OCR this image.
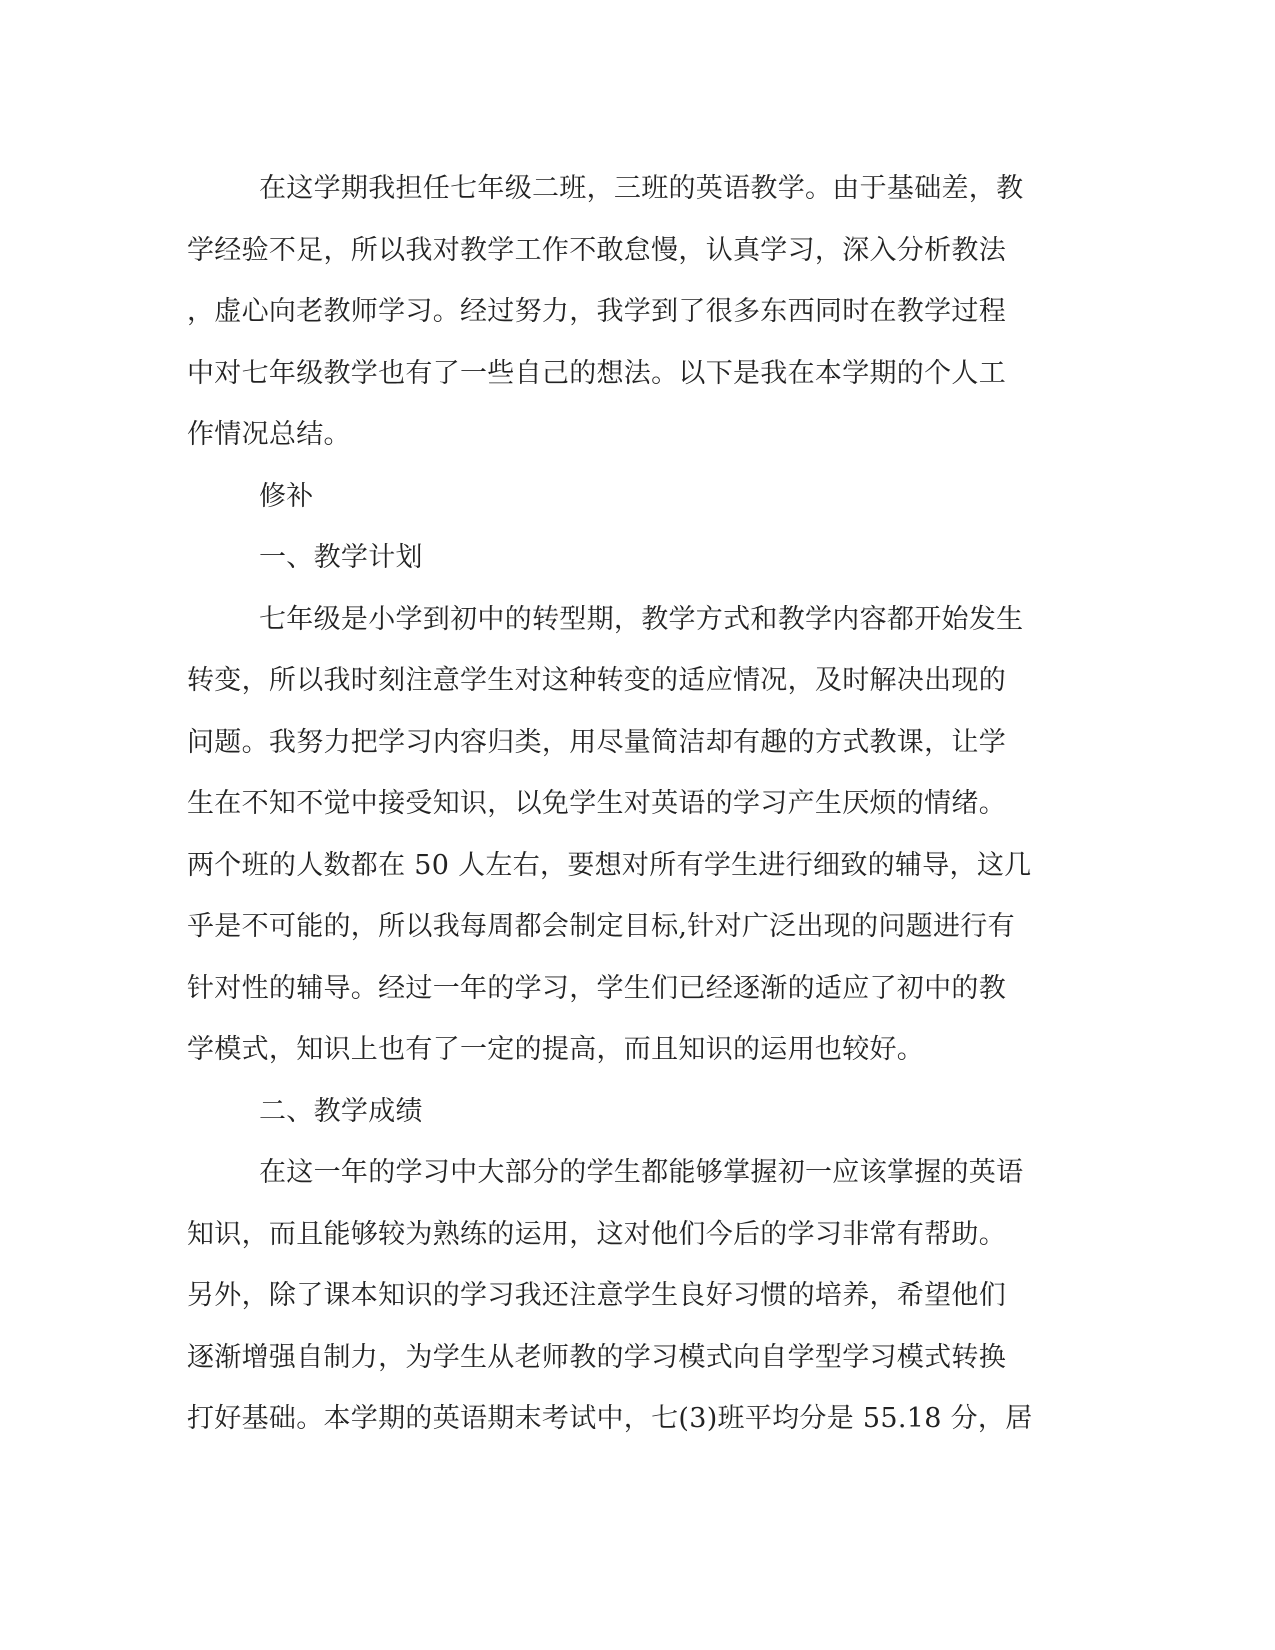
在这学期我担任七年级二班，三班的英语教学。由于基础差，教
学经验不足，所以我对教学工作不敢怠慢，认真学习，深入分析教法
，虚心向老教师学习。经过努力，我学到了很多东西同时在教学过程
中对七年级教学也有了一些自己的想法。以下是我在本学期的个人工
作情况总结。
修补
一、教学计划
七年级是小学到初中的转型期，教学方式和教学内容都开始发生
转变，所以我时刻注意学生对这种转变的适应情况，及时解决出现的
问题。我努力把学习内容归类，用尽量简洁却有趣的方式教课，让学
生在不知不觉中接受知识，以免学生对英语的学习产生厌烦的情绪。
两个班的人数都在 50 人左右，要想对所有学生进行细致的辅导，这几
乎是不可能的，所以我每周都会制定目标,针对广泛出现的问题进行有
针对性的辅导。经过一年的学习，学生们已经逐渐的适应了初中的教
学模式，知识上也有了一定的提高，而且知识的运用也较好。
二、教学成绩
在这一年的学习中大部分的学生都能够掌握初一应该掌握的英语
知识，而且能够较为熟练的运用，这对他们今后的学习非常有帮助。
另外，除了课本知识的学习我还注意学生良好习惯的培养，希望他们
逐渐增强自制力，为学生从老师教的学习模式向自学型学习模式转换
打好基础。本学期的英语期末考试中，七(3)班平均分是 55.18 分，居
